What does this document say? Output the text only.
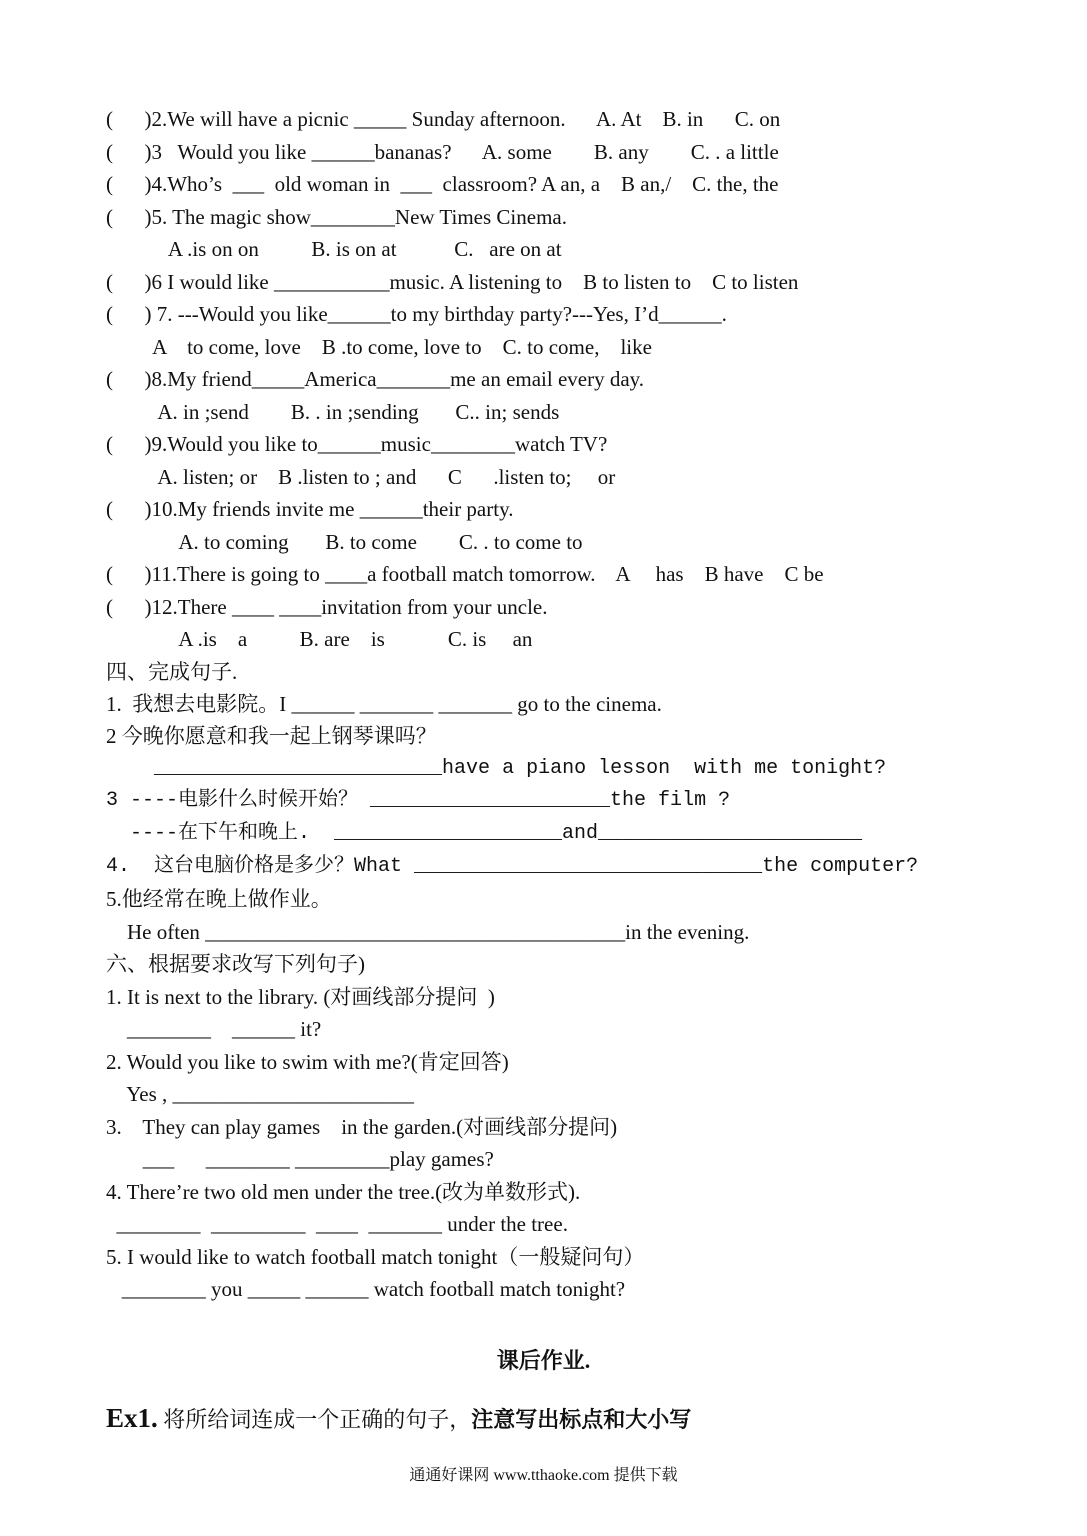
(      )2.We will have a picnic _____ Sunday afternoon.      A. At    B. in      C. on
(      )3   Would you like ______bananas?      A. some        B. any        C. . a little
(      )4.Who’s  ___  old woman in  ___  classroom? A an, a    B an,/    C. the, the
(      )5. The magic show________New Times Cinema.
A .is on on          B. is on at           C.   are on at
(      )6 I would like ___________music. A listening to    B to listen to    C to listen
(      ) 7. ---Would you like______to my birthday party?---Yes, I’d______.
A    to come, love    B .to come, love to    C. to come,    like
(      )8.My friend_____America_______me an email every day.
A. in ;send        B. . in ;sending       C.. in; sends
(      )9.Would you like to______music________watch TV?
A. listen; or    B .listen to ; and      C      .listen to;     or
(      )10.My friends invite me ______their party.
A. to coming       B. to come        C. . to come to
(      )11.There is going to ____a football match tomorrow.    A     has    B have    C be
(      )12.There ____ ____invitation from your uncle.
A .is    a          B. are    is            C. is     an
四、完成句子.
1.  我想去电影院。I ______ _______ _______ go to the cinema.
2 今晚你愿意和我一起上钢琴课吗？
________________________have a piano lesson  with me tonight?
3 ----电影什么时候开始？ ____________________the film ?
----在下午和晚上.  ___________________and______________________
4.  这台电脑价格是多少？What _____________________________the computer?
5.他经常在晚上做作业。
He often ________________________________________in the evening.
六、根据要求改写下列句子)
1. It is next to the library. (对画线部分提问  )
________    ______ it?
2. Would you like to swim with me?(肯定回答)
Yes , _______________________
3.    They can play games    in the garden.(对画线部分提问)
___      ________ _________play games?
4. There’re two old men under the tree.(改为单数形式).
________  _________  ____  _______ under the tree.
5. I would like to watch football match tonight（一般疑问句）
________ you _____ ______ watch football match tonight?
课后作业.
Ex1. 将所给词连成一个正确的句子，注意写出标点和大小写
通通好课网 www.tthaoke.com 提供下载
